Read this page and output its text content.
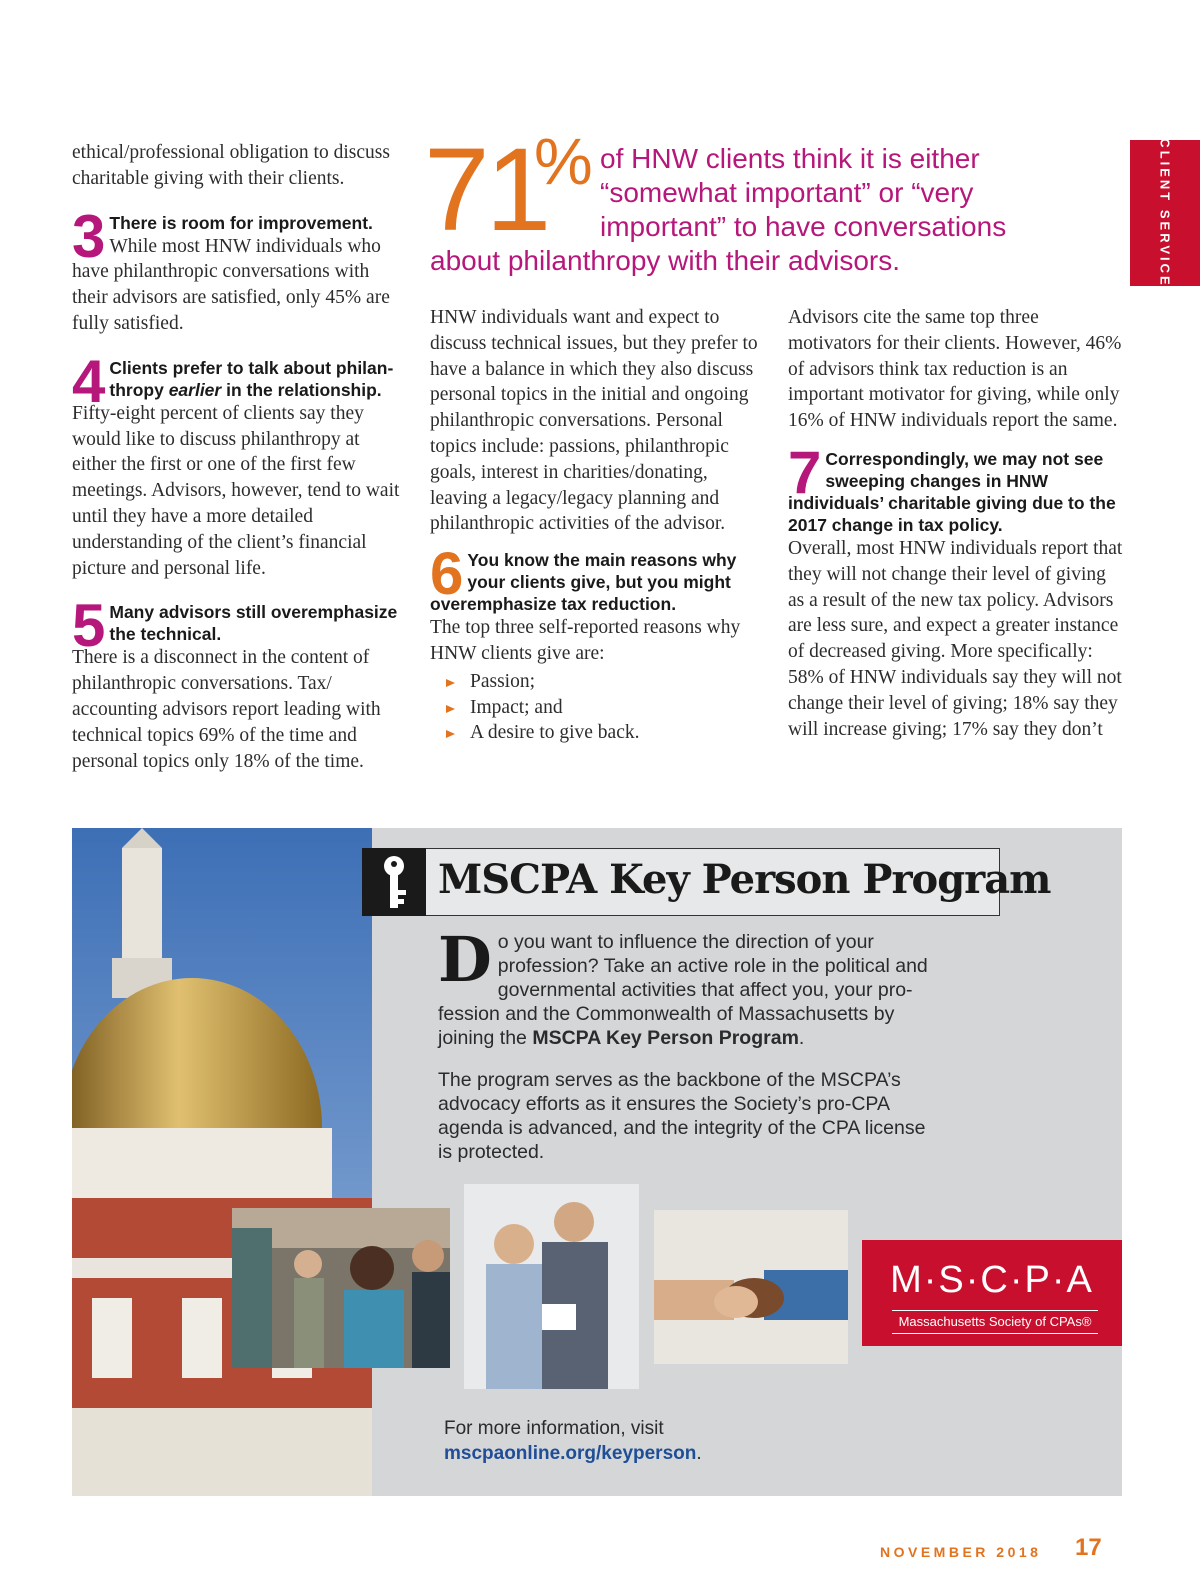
CLIENT SERVICE
71
% of HNW clients think it is either
“somewhat important” or “very
important” to have conversations
about philanthropy with their advisors.

ethical/professional obligation to discuss charitable giving with their clients.

3 There is room for improvement.

While most HNW individuals who have philanthropic conversations with their advisors are satisfied, only 45% are fully satisfied.

4 Clients prefer to talk about philanthropy earlier in the relationship.

Fifty-eight percent of clients say they would like to discuss philanthropy at either the first or one of the first few meetings. Advisors, however, tend to wait until they have a more detailed understanding of the client’s financial picture and personal life.

5 Many advisors still overemphasize the technical.

There is a disconnect in the content of philanthropic conversations. Tax/ accounting advisors report leading with technical topics 69% of the time and personal topics only 18% of the time.

HNW individuals want and expect to discuss technical issues, but they prefer to have a balance in which they also discuss personal topics in the initial and ongoing philanthropic conversations. Personal topics include: passions, philanthropic goals, interest in charities/donating, leaving a legacy/legacy planning and philanthropic activities of the advisor.

6 You know the main reasons why your clients give, but you might overemphasize tax reduction.

The top three self-reported reasons why HNW clients give are:

Passion;
Impact; and
A desire to give back.

Advisors cite the same top three motivators for their clients. However, 46% of advisors think tax reduction is an important motivator for giving, while only 16% of HNW individuals report the same.

7 Correspondingly, we may not see sweeping changes in HNW individuals’ charitable giving due to the 2017 change in tax policy.

Overall, most HNW individuals report that they will not change their level of giving as a result of the new tax policy. Advisors are less sure, and expect a greater instance of decreased giving. More specifically: 58% of HNW individuals say they will not change their level of giving; 18% say they will increase giving; 17% say they don’t

MSCPA Key Person Program

Do you want to influence the direction of your profession? Take an active role in the political and governmental activities that affect you, your profession and the Commonwealth of Massachusetts by joining the MSCPA Key Person Program.

The program serves as the backbone of the MSCPA’s advocacy efforts as it ensures the Society’s pro-CPA agenda is advanced, and the integrity of the CPA license is protected.

M·S·C·P·A
Massachusetts Society of CPAs®
For more information, visit
mscpaonline.org/keyperson.
NOVEMBER 2018 17
